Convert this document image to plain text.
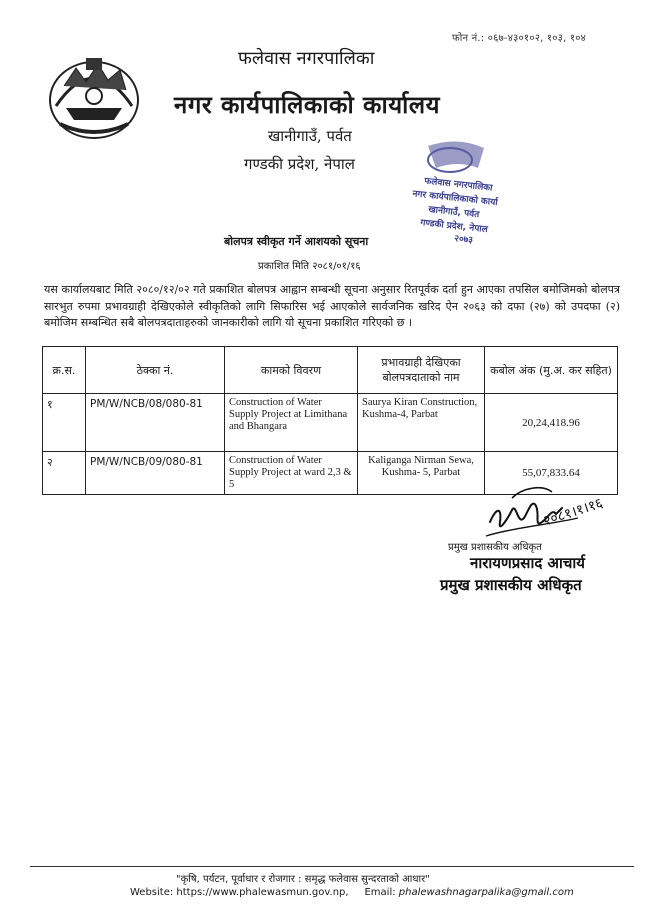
फोन नं.: ०६७-४३०१०२, १०३, १०४
फलेवास नगरपालिका
नगर कार्यपालिकाको कार्यालय
खानीगाउँ, पर्वत
गण्डकी प्रदेश, नेपाल
फलेवास नगरपालिका
नगर कार्यपालिकाको कार्या
खानीगाउँ, पर्वत
गण्डकी प्रदेश, नेपाल
२०७३
बोलपत्र स्वीकृत गर्ने आशयको सूचना
प्रकाशित मिति २०८१/०१/१६
यस कार्यालयबाट मिति २०८०/१२/०२ गते प्रकाशित बोलपत्र आह्वान सम्बन्धी सूचना अनुसार रितपूर्वक दर्ता हुन आएका तपसिल बमोजिमको बोलपत्र सारभुत रुपमा प्रभावग्राही देखिएकोले स्वीकृतिको लागि सिफारिस भई आएकोले सार्वजनिक खरिद ऐन २०६३ को दफा (२७) को उपदफा (२) बमोजिम सम्बन्धित सबै बोलपत्रदाताहरुको जानकारीको लागि यो सूचना प्रकाशित गरिएको छ ।
क्र.स.	ठेक्का नं.	कामको विवरण	प्रभावग्राही देखिएका बोलपत्रदाताको नाम	कबोल अंक (मु.अ. कर सहित)
१	PM/W/NCB/08/080-81	Construction of Water Supply Project at Limithana and Bhangara	Saurya Kiran Construction, Kushma-4, Parbat	20,24,418.96
२	PM/W/NCB/09/080-81	Construction of Water Supply Project at ward 2,3 & 5	Kaliganga Nirman Sewa, Kushma- 5, Parbat	55,07,833.64
२०८१।१।१६
प्रमुख प्रशासकीय अधिकृत
नारायणप्रसाद आचार्य
प्रमुख प्रशासकीय अधिकृत
"कृषि, पर्यटन, पूर्वाधार र रोजगार : समृद्ध फलेवास सुन्दरताको आधार"
Website: https://www.phalewasmun.gov.np, Email: phalewashnagarpalika@gmail.com
